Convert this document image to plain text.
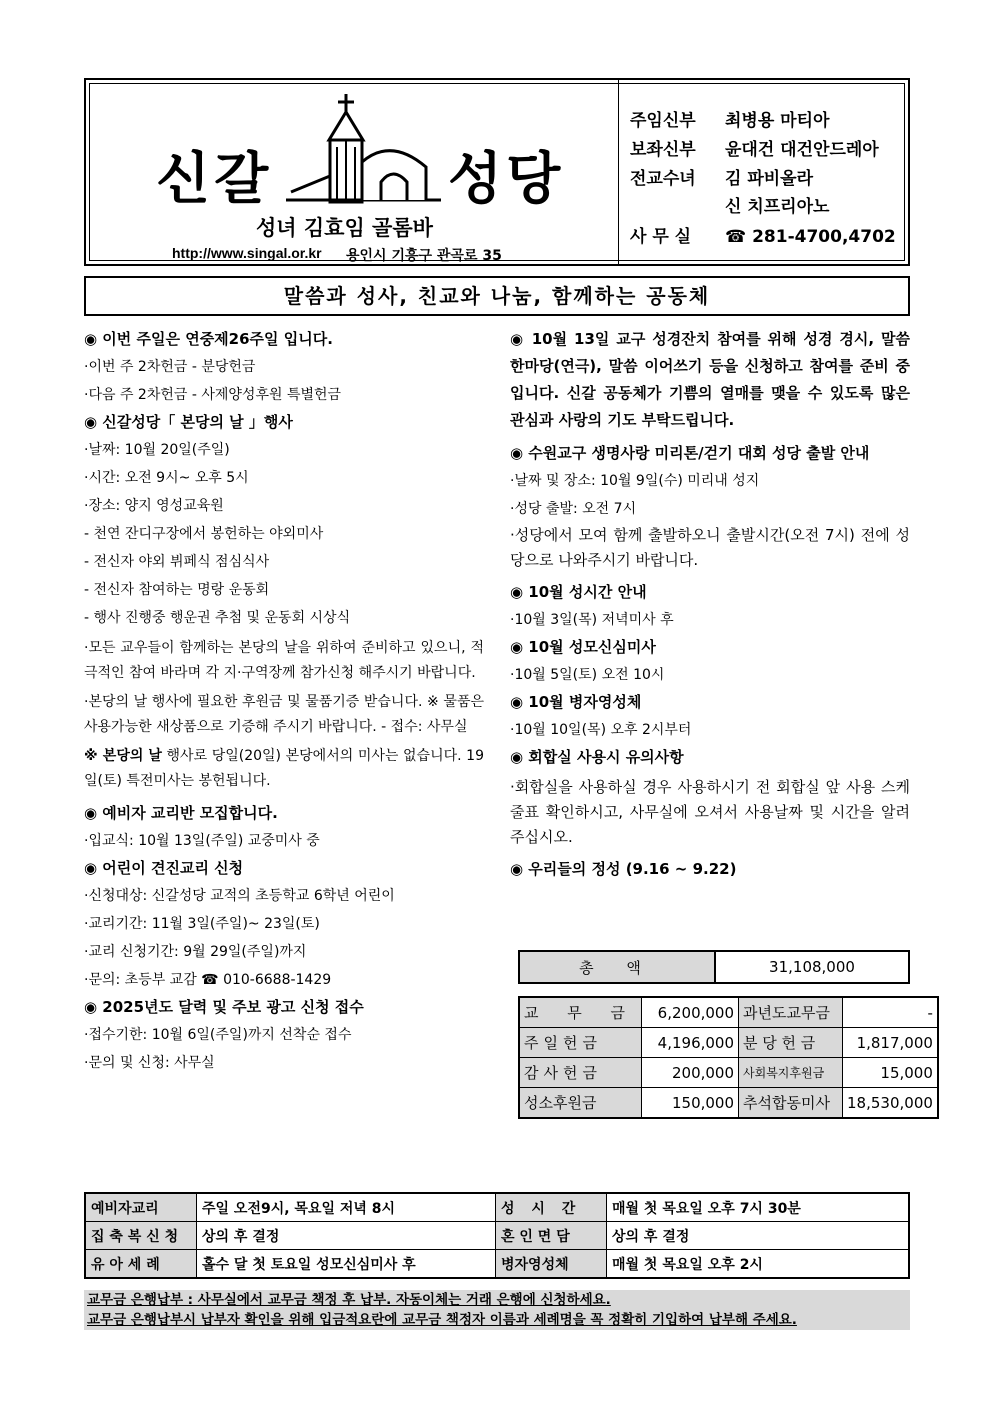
신갈	성당
성녀 김효임 골롬바
http://www.singal.or.kr 용인시 기흥구 관곡로 35
주임신부 최병용 마티아
보좌신부 윤대건 대건안드레아
전교수녀 김 파비올라
신 치프리아노
사 무 실 ☎ 281-4700,4702
말씀과 성사, 친교와 나눔, 함께하는 공동체
◉ 이번 주일은 연중제26주일 입니다.
·이번 주 2차헌금 - 분당헌금
·다음 주 2차헌금 - 사제양성후원 특별헌금
◉ 신갈성당「 본당의 날 」행사
·날짜: 10월 20일(주일)
·시간: 오전 9시~ 오후 5시
·장소: 양지 영성교육원
- 천연 잔디구장에서 봉헌하는 야외미사
- 전신자 야외 뷔페식 점심식사
- 전신자 참여하는 명랑 운동회
- 행사 진행중 행운권 추첨 및 운동회 시상식
·모든 교우들이 함께하는 본당의 날을 위하여 준비하고 있으니, 적극적인 참여 바라며 각 지·구역장께 참가신청 해주시기 바랍니다.
·본당의 날 행사에 필요한 후원금 및 물품기증 받습니다. ※ 물품은 사용가능한 새상품으로 기증해 주시기 바랍니다. - 접수: 사무실
※ 본당의 날 행사로 당일(20일) 본당에서의 미사는 없습니다. 19일(토) 특전미사는 봉헌됩니다.
◉ 예비자 교리반 모집합니다.
·입교식: 10월 13일(주일) 교중미사 중
◉ 어린이 견진교리 신청
·신청대상: 신갈성당 교적의 초등학교 6학년 어린이
·교리기간: 11월 3일(주일)~ 23일(토)
·교리 신청기간: 9월 29일(주일)까지
·문의: 초등부 교감 ☎ 010-6688-1429
◉ 2025년도 달력 및 주보 광고 신청 접수
·접수기한: 10월 6일(주일)까지 선착순 접수
·문의 및 신청: 사무실
◉ 10월 13일 교구 성경잔치 참여를 위해 성경 경시, 말씀 한마당(연극), 말씀 이어쓰기 등을 신청하고 참여를 준비 중입니다. 신갈 공동체가 기쁨의 열매를 맺을 수 있도록 많은 관심과 사랑의 기도 부탁드립니다.
◉ 수원교구 생명사랑 미리톤/걷기 대회 성당 출발 안내
·날짜 및 장소: 10월 9일(수) 미리내 성지
·성당 출발: 오전 7시
·성당에서 모여 함께 출발하오니 출발시간(오전 7시) 전에 성당으로 나와주시기 바랍니다.
◉ 10월 성시간 안내
·10월 3일(목) 저녁미사 후
◉ 10월 성모신심미사
·10월 5일(토) 오전 10시
◉ 10월 병자영성체
·10월 10일(목) 오후 2시부터
◉ 회합실 사용시 유의사항
·회합실을 사용하실 경우 사용하시기 전 회합실 앞 사용 스케줄표 확인하시고, 사무실에 오셔서 사용날짜 및 시간을 알려주십시오.
◉ 우리들의 정성 (9.16 ~ 9.22)
총 액	31,108,000
교 무 금	6,200,000	과년도교무금	-
주일헌금	4,196,000	분 당 헌 금	1,817,000
감사헌금	200,000	사회복지후원금	15,000
성소후원금	150,000	추석합동미사	18,530,000
예비자교리	주일 오전9시, 목요일 저녁 8시	성 시 간	매월 첫 목요일 오후 7시 30분
집 축 복 신 청	상의 후 결정	혼 인 면 담	상의 후 결정
유 아 세 례	홀수 달 첫 토요일 성모신심미사 후	병자영성체	매월 첫 목요일 오후 2시
교무금 은행납부 : 사무실에서 교무금 책정 후 납부. 자동이체는 거래 은행에 신청하세요.
교무금 은행납부시 납부자 확인을 위해 입금적요란에 교무금 책정자 이름과 세례명을 꼭 정확히 기입하여 납부해 주세요.
